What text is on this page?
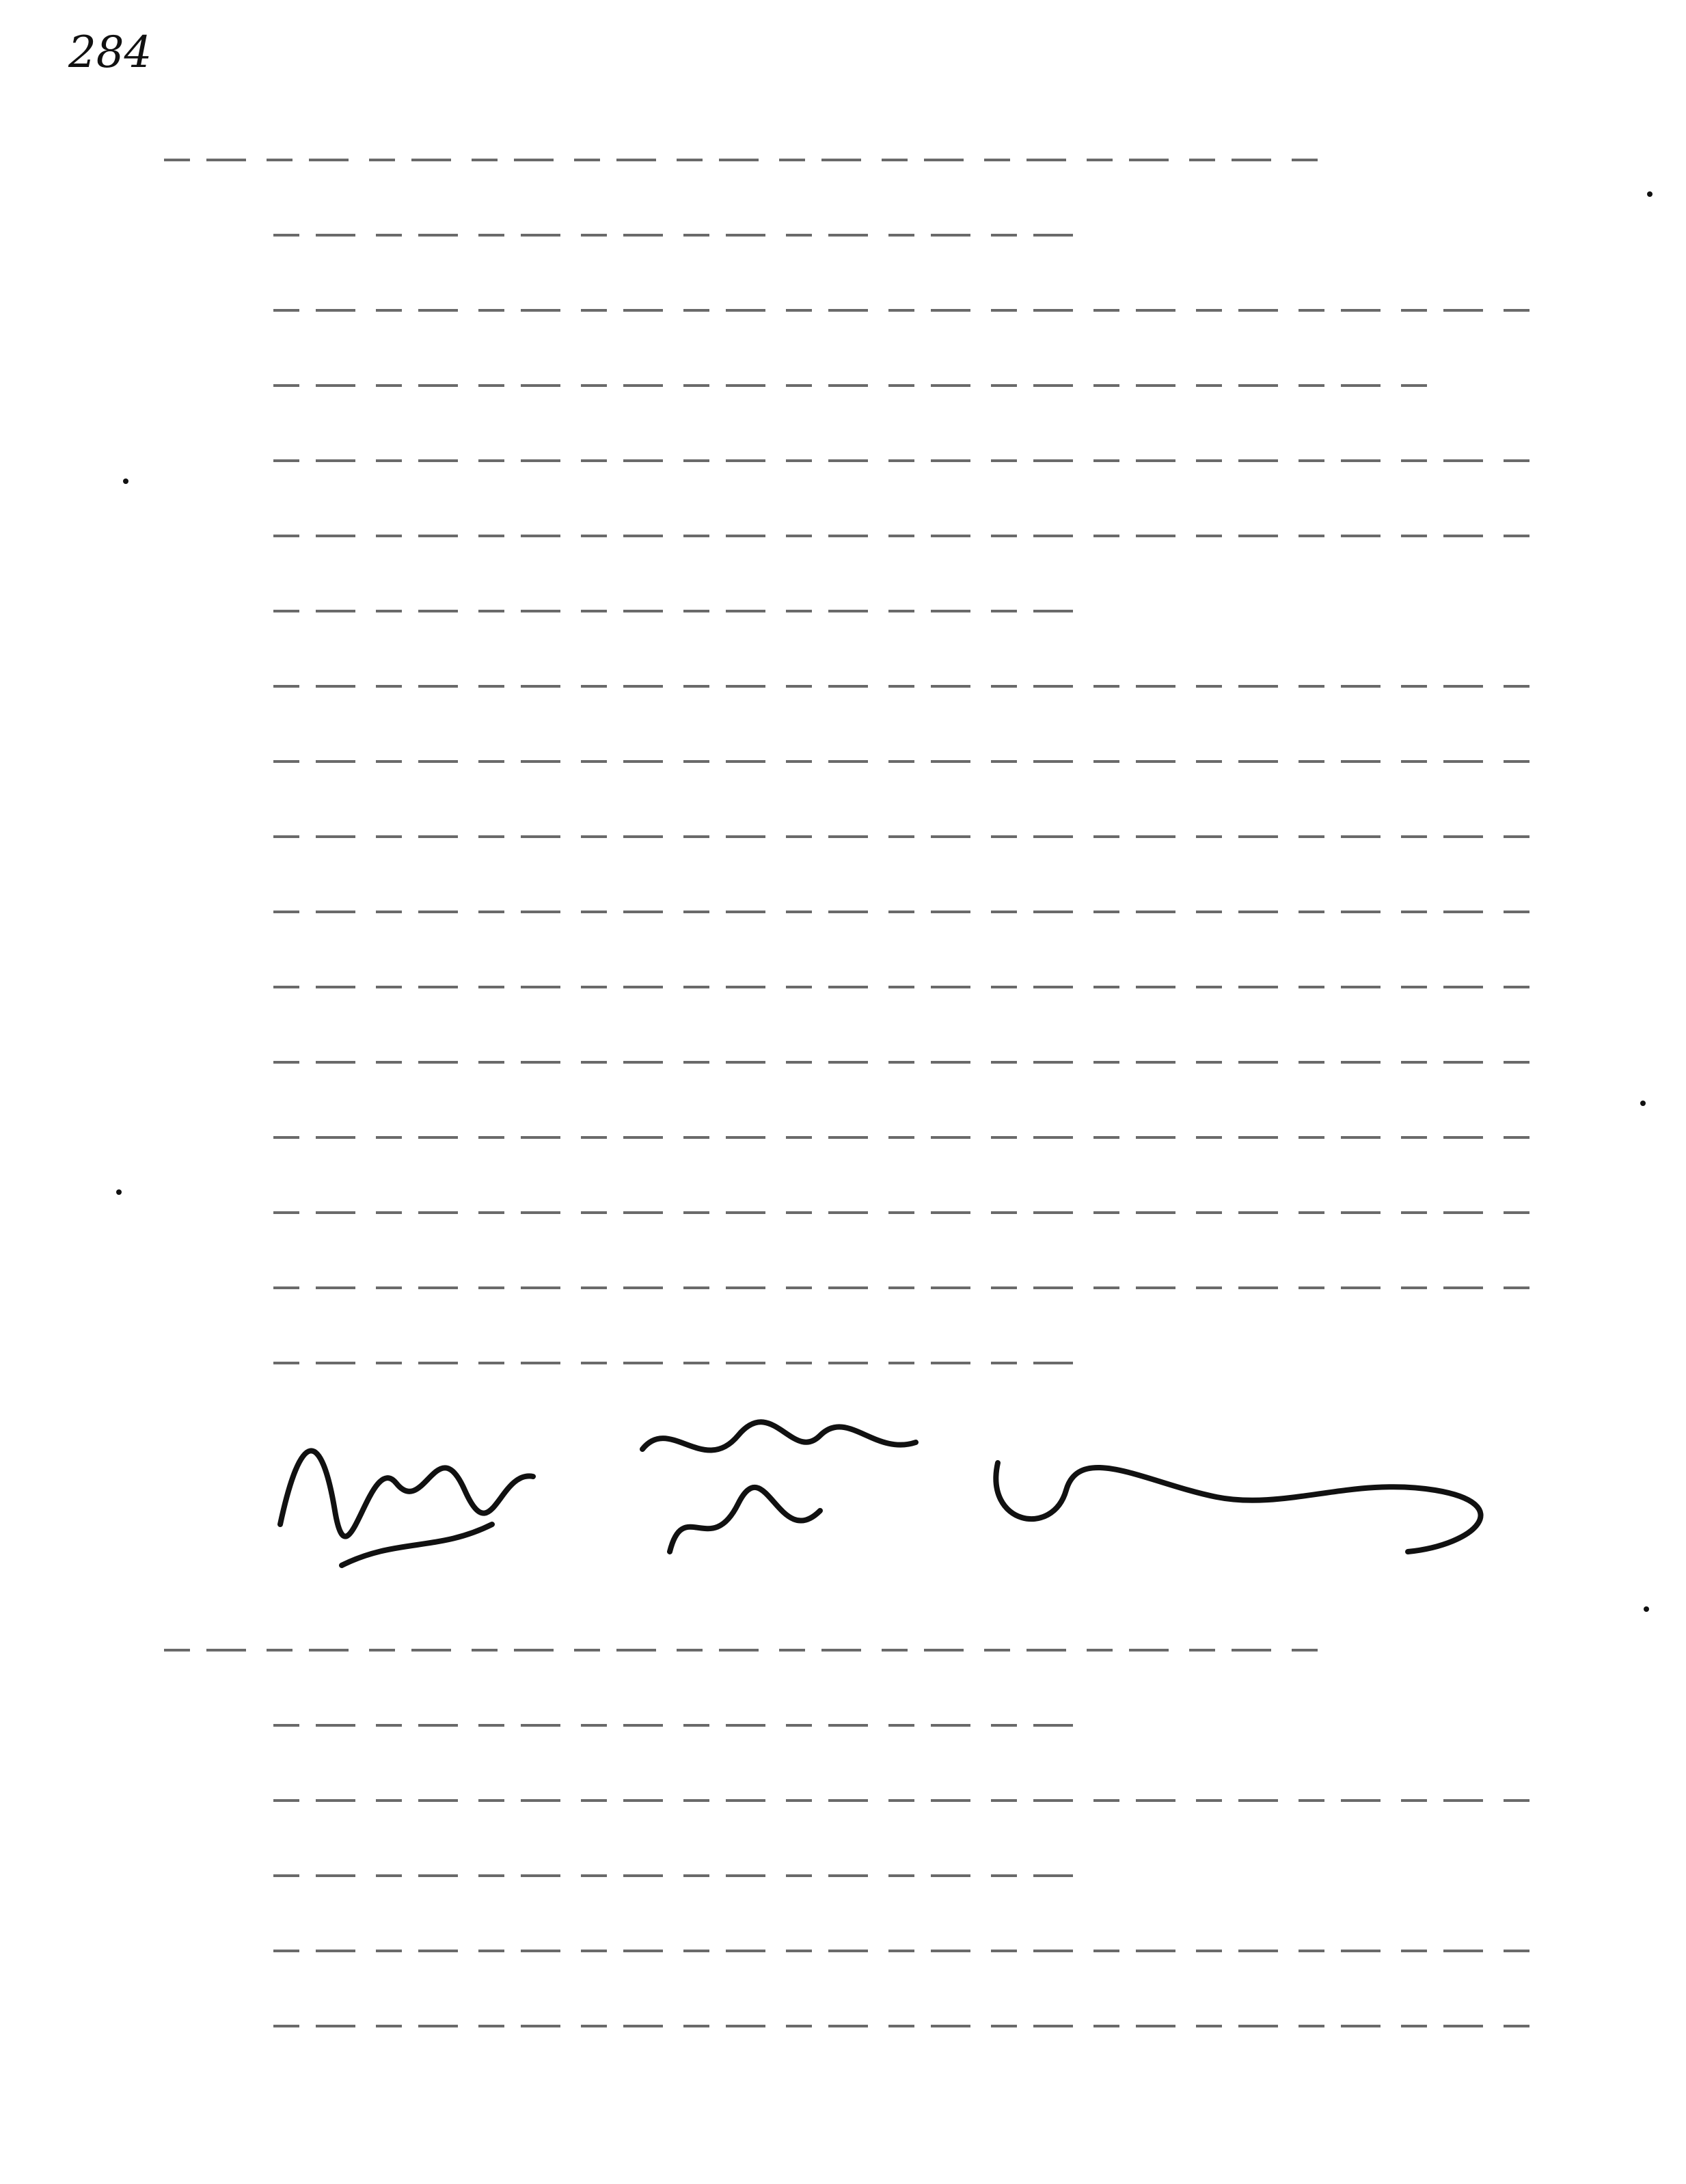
284
